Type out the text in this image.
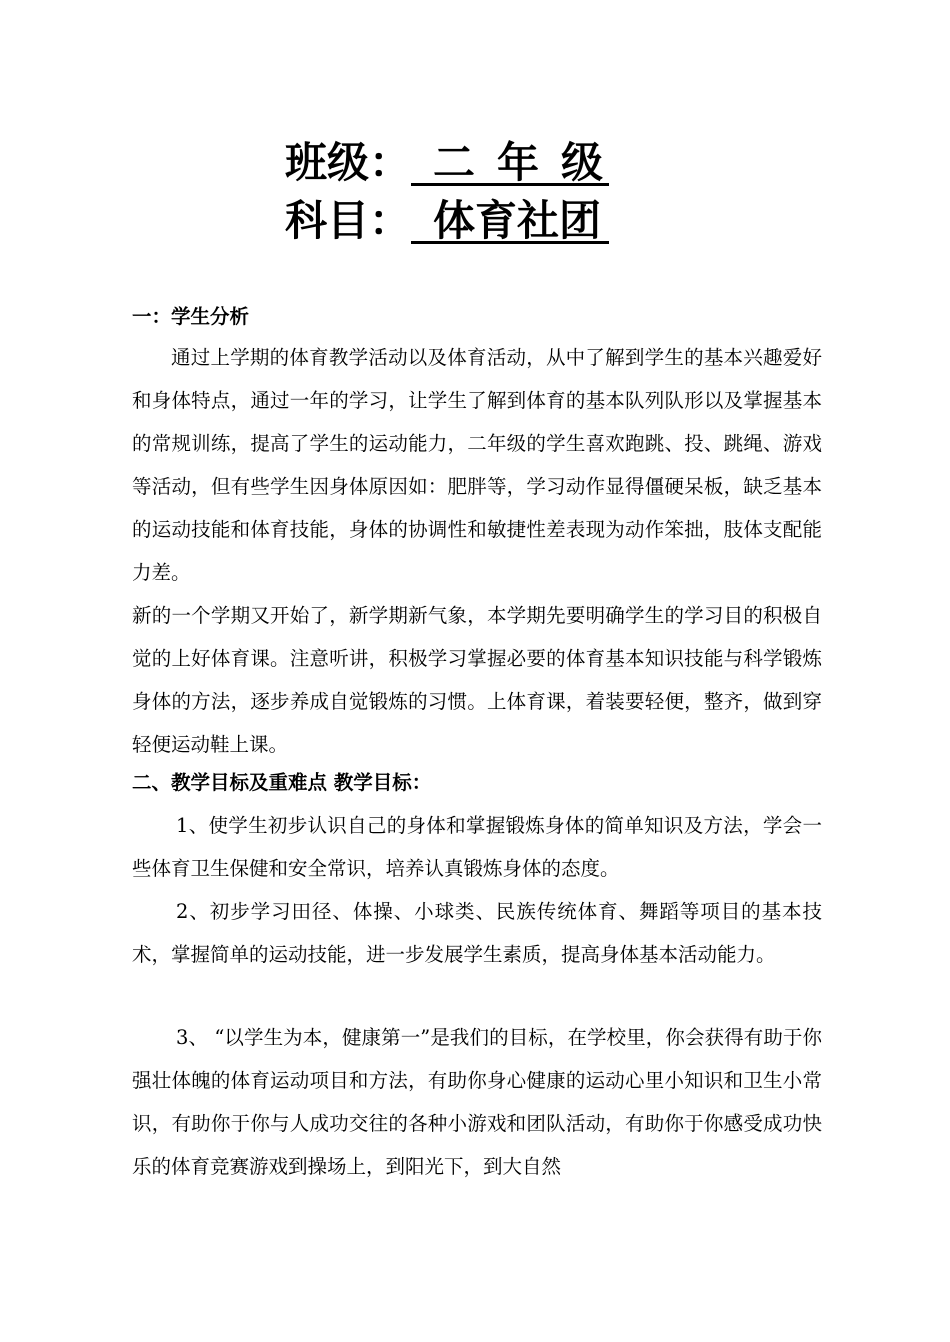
班级： 二年级
科目： 体育社团
一：学生分析

通过上学期的体育教学活动以及体育活动，从中了解到学生的基本兴趣爱好和身体特点，通过一年的学习，让学生了解到体育的基本队列队形以及掌握基本的常规训练，提高了学生的运动能力，二年级的学生喜欢跑跳、投、跳绳、游戏等活动，但有些学生因身体原因如：肥胖等，学习动作显得僵硬呆板，缺乏基本的运动技能和体育技能，身体的协调性和敏捷性差表现为动作笨拙，肢体支配能力差。

新的一个学期又开始了，新学期新气象，本学期先要明确学生的学习目的积极自觉的上好体育课。注意听讲，积极学习掌握必要的体育基本知识技能与科学锻炼身体的方法，逐步养成自觉锻炼的习惯。上体育课，着装要轻便，整齐，做到穿轻便运动鞋上课。

二、教学目标及重难点 教学目标：

1、使学生初步认识自己的身体和掌握锻炼身体的简单知识及方法，学会一些体育卫生保健和安全常识，培养认真锻炼身体的态度。

2、初步学习田径、体操、小球类、民族传统体育、舞蹈等项目的基本技术，掌握简单的运动技能，进一步发展学生素质，提高身体基本活动能力。

3、 “以学生为本，健康第一”是我们的目标，在学校里，你会获得有助于你强壮体魄的体育运动项目和方法，有助你身心健康的运动心里小知识和卫生小常识，有助你于你与人成功交往的各种小游戏和团队活动，有助你于你感受成功快乐的体育竞赛游戏到操场上，到阳光下，到大自然
